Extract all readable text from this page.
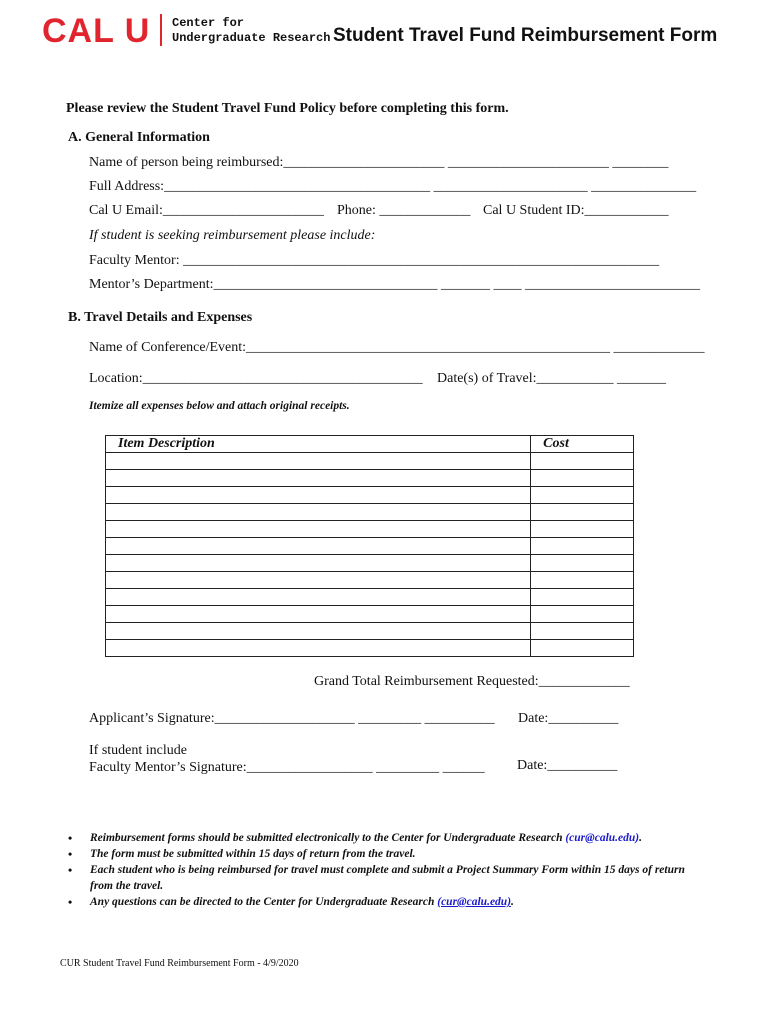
CAL U Center for
Undergraduate Research Student Travel Fund Reimbursement Form
Please review the Student Travel Fund Policy before completing this form.
A. General Information
Name of person being reimbursed:_______________________ _______________________ ________
Full Address:______________________________________ ______________________ _______________
Cal U Email:_______________________ Phone: _____________ Cal U Student ID:____________
If student is seeking reimbursement please include:
Faculty Mentor: ____________________________________________________________________
Mentor’s Department:________________________________ _______ ____ _________________________
B. Travel Details and Expenses
Name of Conference/Event:____________________________________________________ _____________
Location:________________________________________ Date(s) of Travel:___________ _______
Itemize all expenses below and attach original receipts.
Item Description	Cost

Grand Total Reimbursement Requested:_____________
Applicant’s Signature:____________________ _________ __________ Date:__________
If student include
Faculty Mentor’s Signature:__________________ _________ ______ Date:__________
• Reimbursement forms should be submitted electronically to the Center for Undergraduate Research (cur@calu.edu).
• The form must be submitted within 15 days of return from the travel.
• Each student who is being reimbursed for travel must complete and submit a Project Summary Form within 15 days of return from the travel.
• Any questions can be directed to the Center for Undergraduate Research (cur@calu.edu).
CUR Student Travel Fund Reimbursement Form - 4/9/2020
